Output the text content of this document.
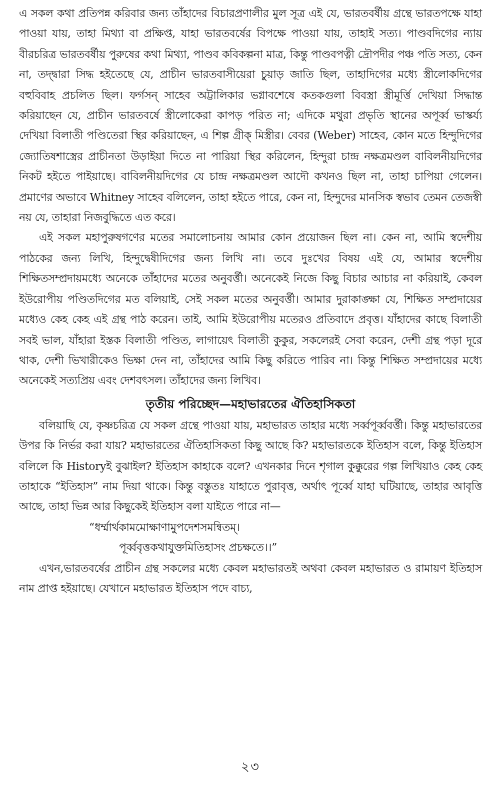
এ সকল কথা প্রতিপন্ন করিবার জন্য তাঁহাদের বিচারপ্রণালীর মুল সূত্র এই যে, ভারতবর্ষীয় গ্রন্থে ভারতপক্ষে যাহা পাওয়া যায়, তাহা মিথ্যা বা প্রক্ষিপ্ত, যাহা ভারতবর্ষের বিপক্ষে পাওয়া যায়, তাহাই সত্য। পাণ্ডবদিগের ন্যায় বীরচরিত্র ভারতবর্ষীয় পুরুষের কথা মিথ্যা, পাণ্ডব কবিকল্পনা মাত্র, কিন্তু পাণ্ডবপত্নী দ্রৌপদীর পঞ্চ পতি সত্য, কেন না, তদ্দ্বারা সিদ্ধ হইতেছে যে, প্রাচীন ভারতবাসীয়েরা চুয়াড় জাতি ছিল, তাহাদিগের মধ্যে স্ত্রীলোকদিগের বহুবিবাহ প্রচলিত ছিল। ফর্গসন্ সাহেব অট্টালিকার ভগ্নাবশেষে কতকগুলা বিবস্ত্রা স্ত্রীমূর্ত্তি দেখিয়া সিদ্ধান্ত করিয়াছেন যে, প্রাচীন ভারতবর্ষে স্ত্রীলোকেরা কাপড় পরিত না; এদিকে মথুরা প্রভৃতি স্থানের অপূর্ব্ব ভাস্কর্য্য দেখিয়া বিলাতী পণ্ডিতেরা স্থির করিয়াছেন, এ শিল্প গ্রীক্ মিস্ত্রীর। বেবর (Weber) সাহেব, কোন মতে হিন্দুদিগের জ্যোতিষশাস্ত্রের প্রাচীনতা উড়াইয়া দিতে না পারিয়া স্থির করিলেন, হিন্দুরা চান্দ্র নক্ষত্রমণ্ডল বাবিলনীয়দিগের নিকট হইতে পাইয়াছে। বাবিলনীয়দিগের যে চান্দ্র নক্ষত্রমণ্ডল আদৌ কখনও ছিল না, তাহা চাপিয়া গেলেন। প্রমাণের অভাবে Whitney সাহেব বলিলেন, তাহা হইতে পারে, কেন না, হিন্দুদের মানসিক স্বভাব তেমন তেজস্বী নয় যে, তাহারা নিজবুদ্ধিতে এত করে।

এই সকল মহাপুরুষগণের মতের সমালোচনায় আমার কোন প্রয়োজন ছিল না। কেন না, আমি স্বদেশীয় পাঠকের জন্য লিখি, হিন্দুদ্বেষীদিগের জন্য লিখি না। তবে দুঃখের বিষয় এই যে, আমার স্বদেশীয় শিক্ষিতসম্প্রদায়মধ্যে অনেকে তাঁহাদের মতের অনুবর্ত্তী। অনেকেই নিজে কিছু বিচার আচার না করিয়াই, কেবল ইউরোপীয় পণ্ডিতদিগের মত বলিয়াই, সেই সকল মতের অনুবর্ত্তী। আমার দুরাকাঙ্ক্ষা যে, শিক্ষিত সম্প্রদায়ের মধ্যেও কেহ কেহ এই গ্রন্থ পাঠ করেন। তাই, আমি ইউরোপীয় মতেরও প্রতিবাদে প্রবৃত্ত। যাঁহাদের কাছে বিলাতী সবই ভাল, যাঁহারা ইস্তক বিলাতী পণ্ডিত, লাগায়েৎ বিলাতী কুকুর, সকলেরই সেবা করেন, দেশী গ্রন্থ পড়া দূরে থাক, দেশী ভিখারীকেও ভিক্ষা দেন না, তাঁহাদের আমি কিছু করিতে পারিব না। কিন্তু শিক্ষিত সম্প্রদায়ের মধ্যে অনেকেই সত্যপ্রিয় এবং দেশবৎসল। তাঁহাদের জন্য লিখিব।

তৃতীয় পরিচ্ছেদ—মহাভারতের ঐতিহাসিকতা

বলিয়াছি যে, কৃষ্ণচরিত্র যে সকল গ্রন্থে পাওয়া যায়, মহাভারত তাহার মধ্যে সর্ব্বপূর্ব্ববর্ত্তী। কিন্তু মহাভারতের উপর কি নির্ভর করা যায়? মহাভারতের ঐতিহাসিকতা কিছু আছে কি? মহাভারতকে ইতিহাস বলে, কিন্তু ইতিহাস বলিলে কি Historyই বুঝাইল? ইতিহাস কাহাকে বলে? এখনকার দিনে শৃগাল কুক্কুরের গল্প লিখিয়াও কেহ কেহ তাহাকে “ইতিহাস” নাম দিয়া থাকে। কিন্তু বস্তুতঃ যাহাতে পুরাবৃত্ত, অর্থাৎ পূর্ব্বে যাহা ঘটিয়াছে, তাহার আবৃত্তি আছে, তাহা ভিন্ন আর কিছুকেই ইতিহাস বলা যাইতে পারে না—

“ধর্ম্মার্থকামমোক্ষাণামুপদেশসমন্বিতম্।

পূর্ব্ববৃত্তকথাযুক্তমিতিহাসং প্রচক্ষতে।।”

এখন,ভারতবর্ষের প্রাচীন গ্রন্থ সকলের মধ্যে কেবল মহাভারতই অথবা কেবল মহাভারত ও রামায়ণ ইতিহাস নাম প্রাপ্ত হইয়াছে। যেখানে মহাভারত ইতিহাস পদে বাচ্য,

২৩
